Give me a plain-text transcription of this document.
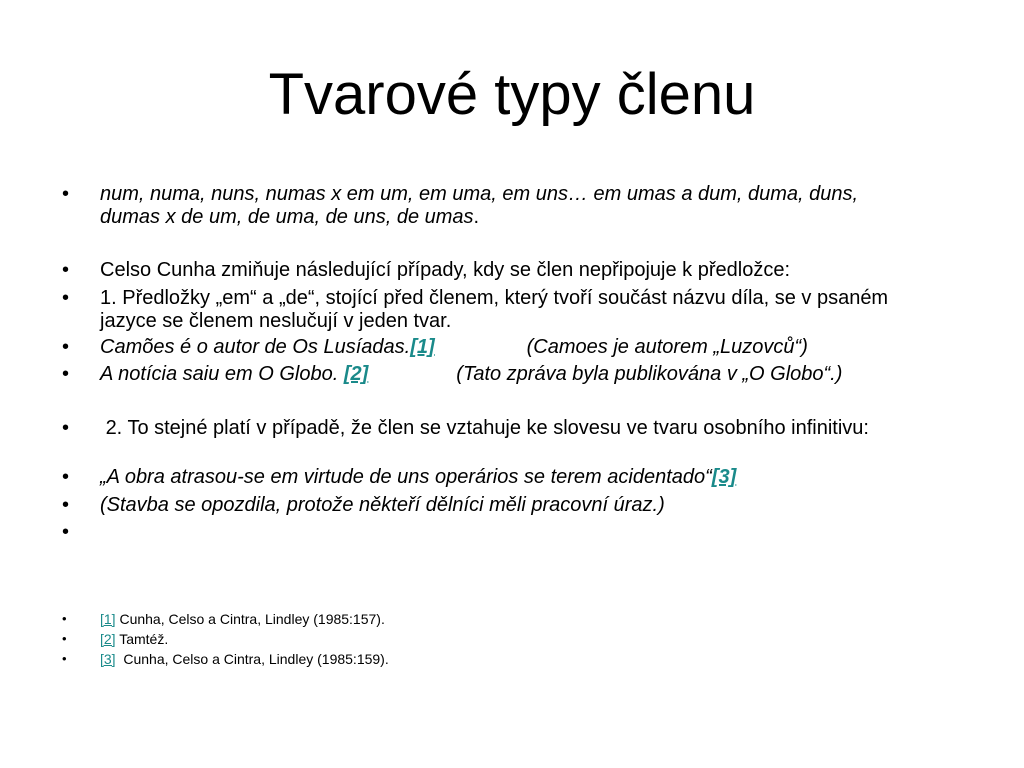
Tvarové typy členu
• num, numa, nuns, numas x em um, em uma, em uns… em umas a dum, duma, duns, dumas x de um, de uma, de uns, de umas.
• Celso Cunha zmiňuje následující případy, kdy se člen nepřipojuje k předložce:
• 1. Předložky „em“ a „de“, stojící před členem, který tvoří součást názvu díla, se v psaném jazyce se členem neslučují v jeden tvar.
• Camões é o autor de Os Lusíadas.[1]	(Camoes je autorem „Luzovců“)
• A notícia saiu em O Globo. [2]	(Tato zpráva byla publikována v „O Globo“.)
• 2. To stejné platí v případě, že člen se vztahuje ke slovesu ve tvaru osobního infinitivu:
• „A obra atrasou-se em virtude de uns operários se terem acidentado“[3]
• (Stavba se opozdila, protože někteří dělníci měli pracovní úraz.)
•
• [1] Cunha, Celso a Cintra, Lindley (1985:157).
• [2] Tamtéž.
• [3]  Cunha, Celso a Cintra, Lindley (1985:159).
